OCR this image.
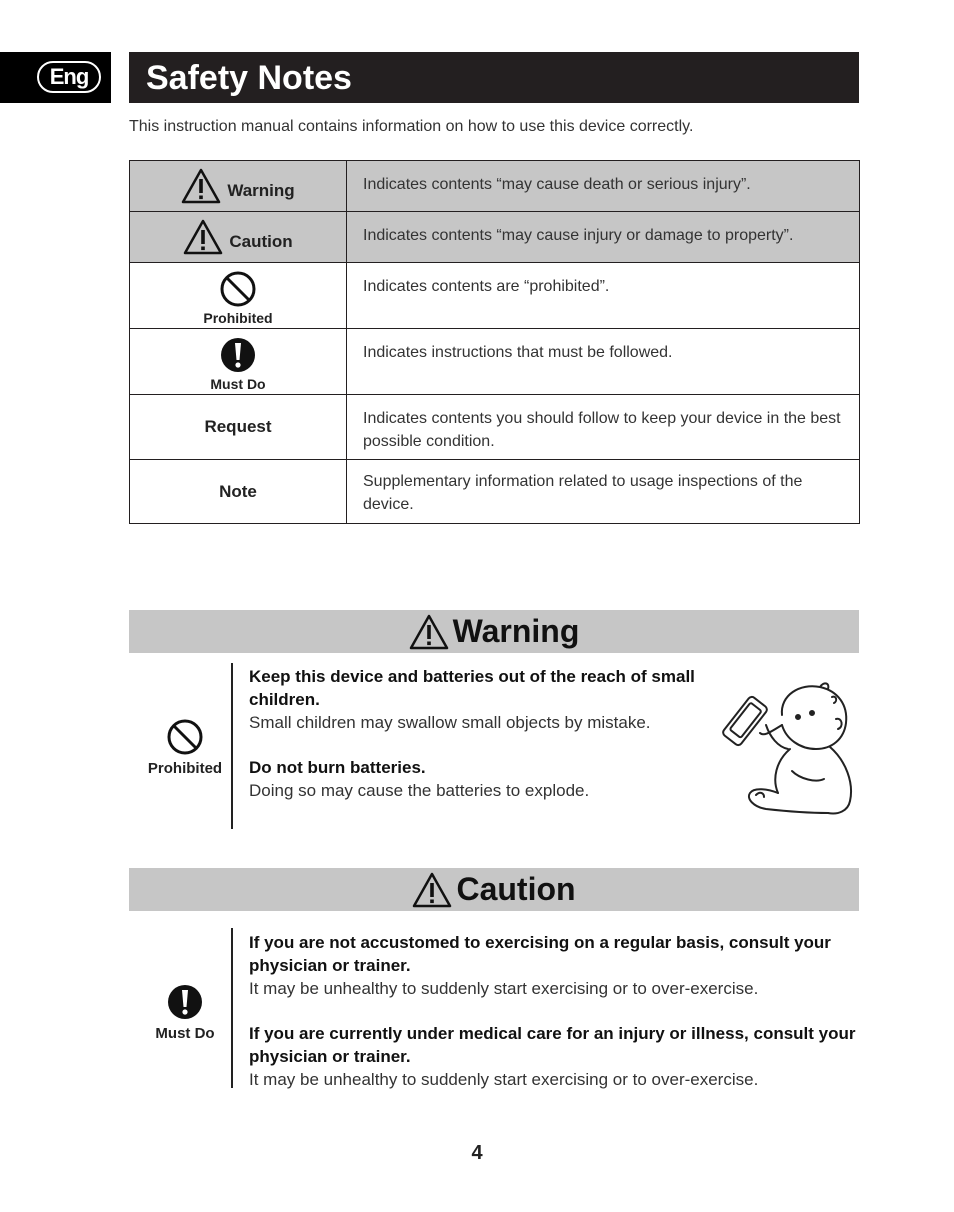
Eng	Safety Notes
This instruction manual contains information on how to use this device correctly.
Warning	Indicates contents “may cause death or serious injury”.

Caution	Indicates contents “may cause injury or damage to property”.

Prohibited	Indicates contents are “prohibited”.

Must Do	Indicates instructions that must be followed.
Request	Indicates contents you should follow to keep your device in the best possible condition.
Note	Supplementary information related to usage inspections of the device.
Warning
Prohibited
Keep this device and batteries out of the reach of small children.
Small children may swallow small objects by mistake.
Do not burn batteries.
Doing so may cause the batteries to explode.
Caution
Must Do
If you are not accustomed to exercising on a regular basis, consult your physician or trainer.
It may be unhealthy to suddenly start exercising or to over-exercise.
If you are currently under medical care for an injury or illness, consult your physician or trainer.
It may be unhealthy to suddenly start exercising or to over-exercise.
4
